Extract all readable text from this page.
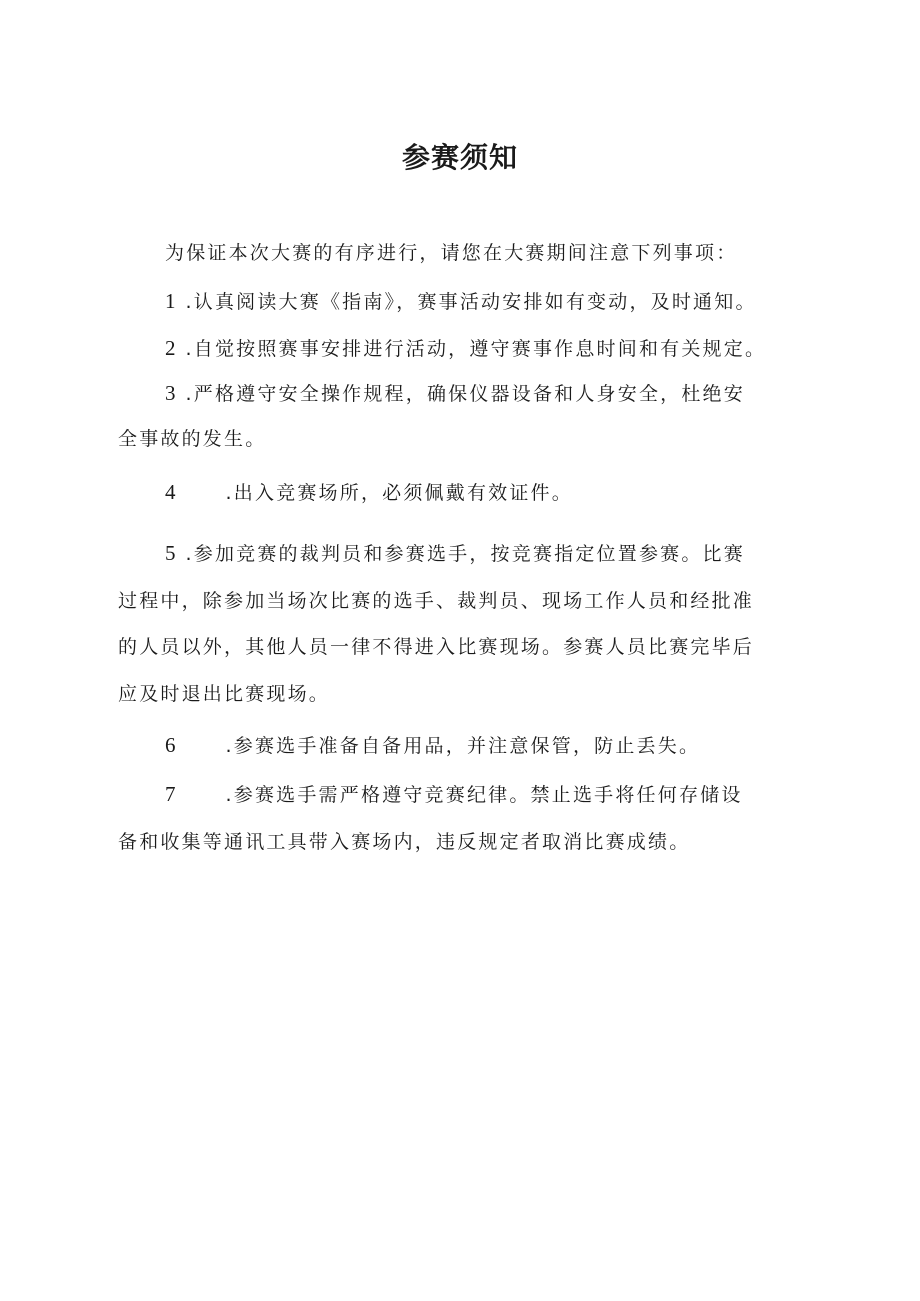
参赛须知
为保证本次大赛的有序进行，请您在大赛期间注意下列事项：
1 .认真阅读大赛《指南》，赛事活动安排如有变动，及时通知。
2 .自觉按照赛事安排进行活动，遵守赛事作息时间和有关规定。
3 .严格遵守安全操作规程，确保仪器设备和人身安全，杜绝安
全事故的发生。
4	.出入竞赛场所，必须佩戴有效证件。
5 .参加竞赛的裁判员和参赛选手，按竞赛指定位置参赛。比赛
过程中，除参加当场次比赛的选手、裁判员、现场工作人员和经批准
的人员以外，其他人员一律不得进入比赛现场。参赛人员比赛完毕后
应及时退出比赛现场。
6	.参赛选手准备自备用品，并注意保管，防止丢失。
7	.参赛选手需严格遵守竞赛纪律。禁止选手将任何存储设
备和收集等通讯工具带入赛场内，违反规定者取消比赛成绩。
